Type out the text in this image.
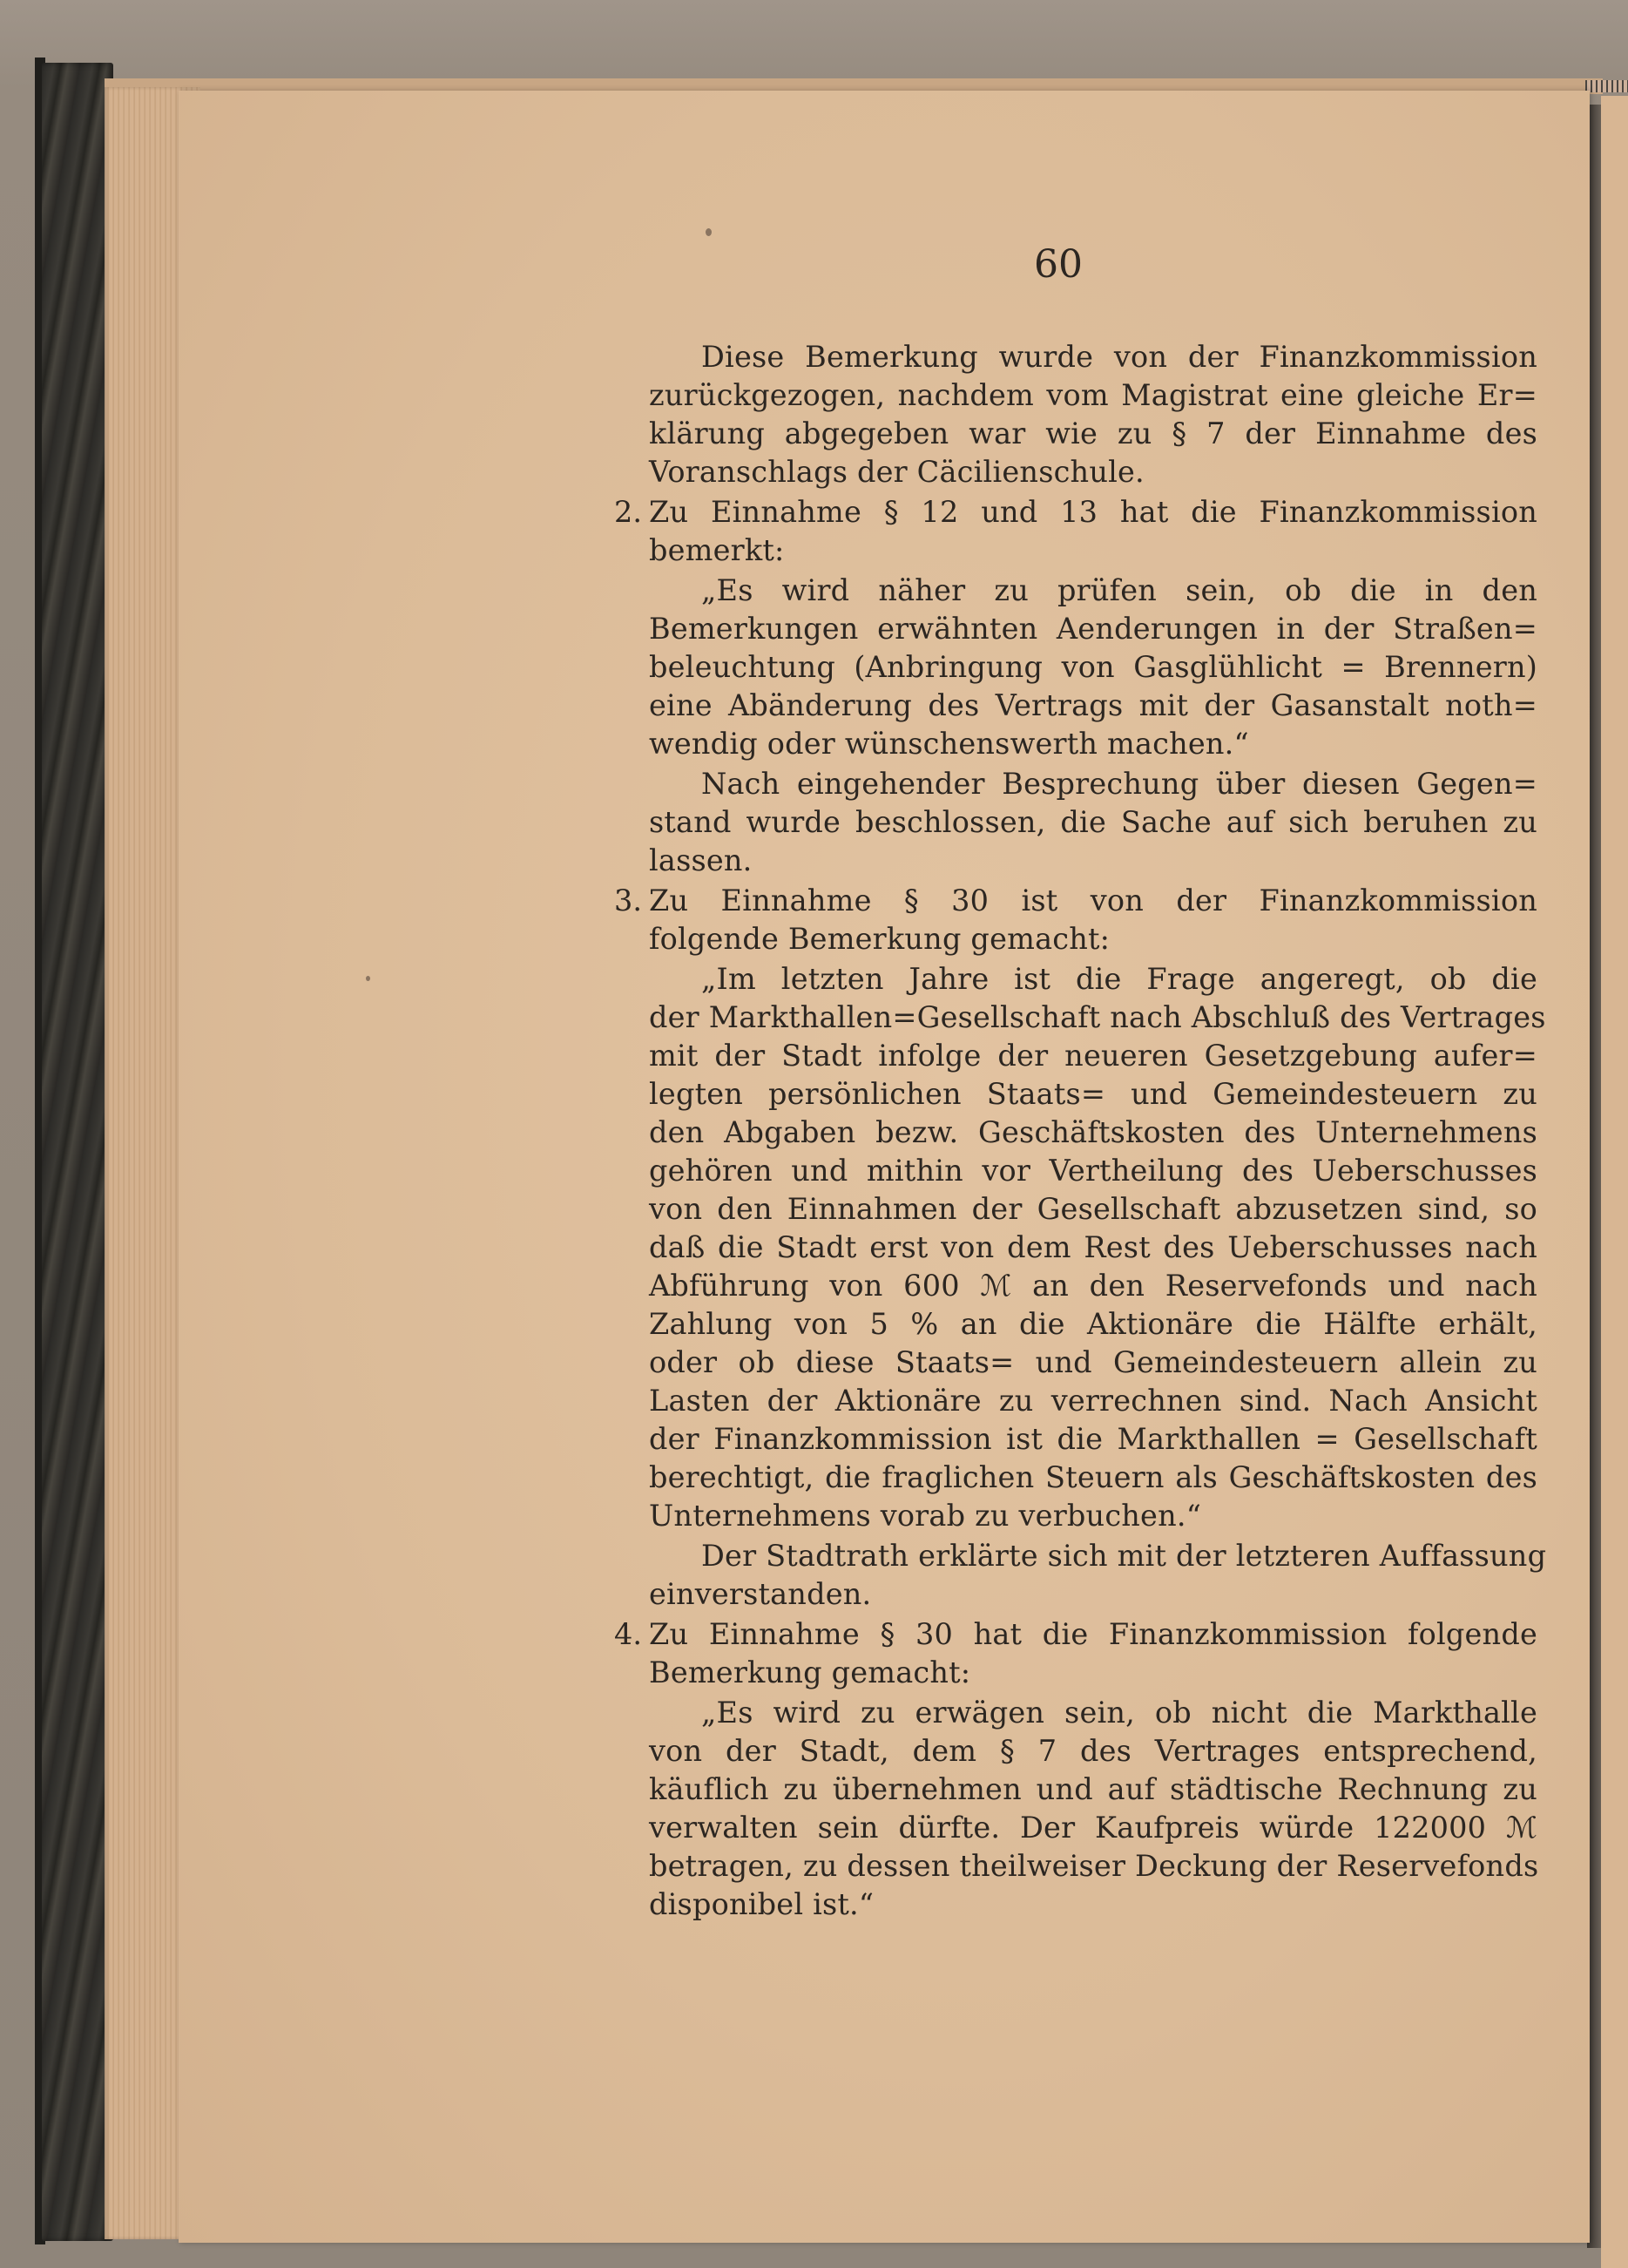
60
Diese Bemerkung wurde von der Finanzkommission
zurückgezogen, nachdem vom Magistrat eine gleiche Er=
klärung abgegeben war wie zu § 7 der Einnahme des
Voranschlags der Cäcilienschule.
2. Zu Einnahme § 12 und 13 hat die Finanzkommission
bemerkt:
„Es wird näher zu prüfen sein, ob die in den
Bemerkungen erwähnten Aenderungen in der Straßen=
beleuchtung (Anbringung von Gasglühlicht = Brennern)
eine Abänderung des Vertrags mit der Gasanstalt noth=
wendig oder wünschenswerth machen.“
Nach eingehender Besprechung über diesen Gegen=
stand wurde beschlossen, die Sache auf sich beruhen zu
lassen.
3. Zu Einnahme § 30 ist von der Finanzkommission
folgende Bemerkung gemacht:
„Im letzten Jahre ist die Frage angeregt, ob die
der Markthallen=Gesellschaft nach Abschluß des Vertrages
mit der Stadt infolge der neueren Gesetzgebung aufer=
legten persönlichen Staats= und Gemeindesteuern zu
den Abgaben bezw. Geschäftskosten des Unternehmens
gehören und mithin vor Vertheilung des Ueberschusses
von den Einnahmen der Gesellschaft abzusetzen sind, so
daß die Stadt erst von dem Rest des Ueberschusses nach
Abführung von 600 ℳ an den Reservefonds und nach
Zahlung von 5 % an die Aktionäre die Hälfte erhält,
oder ob diese Staats= und Gemeindesteuern allein zu
Lasten der Aktionäre zu verrechnen sind. Nach Ansicht
der Finanzkommission ist die Markthallen = Gesellschaft
berechtigt, die fraglichen Steuern als Geschäftskosten des
Unternehmens vorab zu verbuchen.“
Der Stadtrath erklärte sich mit der letzteren Auffassung
einverstanden.
4. Zu Einnahme § 30 hat die Finanzkommission folgende
Bemerkung gemacht:
„Es wird zu erwägen sein, ob nicht die Markthalle
von der Stadt, dem § 7 des Vertrages entsprechend,
käuflich zu übernehmen und auf städtische Rechnung zu
verwalten sein dürfte. Der Kaufpreis würde 122000 ℳ
betragen, zu dessen theilweiser Deckung der Reservefonds
disponibel ist.“
